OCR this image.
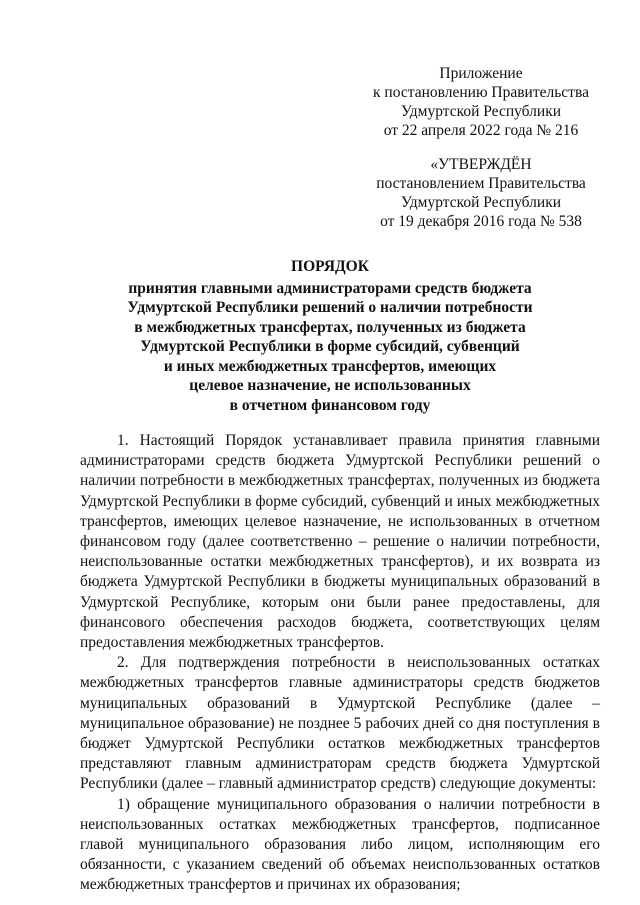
Приложение
к постановлению Правительства
Удмуртской Республики
от 22 апреля 2022 года № 216
«УТВЕРЖДЁН
постановлением Правительства
Удмуртской Республики
от 19 декабря 2016 года № 538
ПОРЯДОК
принятия главными администраторами средств бюджета
Удмуртской Республики решений о наличии потребности
в межбюджетных трансфертах, полученных из бюджета
Удмуртской Республики в форме субсидий, субвенций
и иных межбюджетных трансфертов, имеющих
целевое назначение, не использованных
в отчетном финансовом году

1. Настоящий Порядок устанавливает правила принятия главными администраторами средств бюджета Удмуртской Республики решений о наличии потребности в межбюджетных трансфертах, полученных из бюджета Удмуртской Республики в форме субсидий, субвенций и иных межбюджетных трансфертов, имеющих целевое назначение, не использованных в отчетном финансовом году (далее соответственно – решение о наличии потребности, неиспользованные остатки межбюджетных трансфертов), и их возврата из бюджета Удмуртской Республики в бюджеты муниципальных образований в Удмуртской Республике, которым они были ранее предоставлены, для финансового обеспечения расходов бюджета, соответствующих целям предоставления межбюджетных трансфертов.

2. Для подтверждения потребности в неиспользованных остатках межбюджетных трансфертов главные администраторы средств бюджетов муниципальных образований в Удмуртской Республике (далее – муниципальное образование) не позднее 5 рабочих дней со дня поступления в бюджет Удмуртской Республики остатков межбюджетных трансфертов представляют главным администраторам средств бюджета Удмуртской Республики (далее – главный администратор средств) следующие документы:

1) обращение муниципального образования о наличии потребности в неиспользованных остатках межбюджетных трансфертов, подписанное главой муниципального образования либо лицом, исполняющим его обязанности, с указанием сведений об объемах неиспользованных остатков межбюджетных трансфертов и причинах их образования;
